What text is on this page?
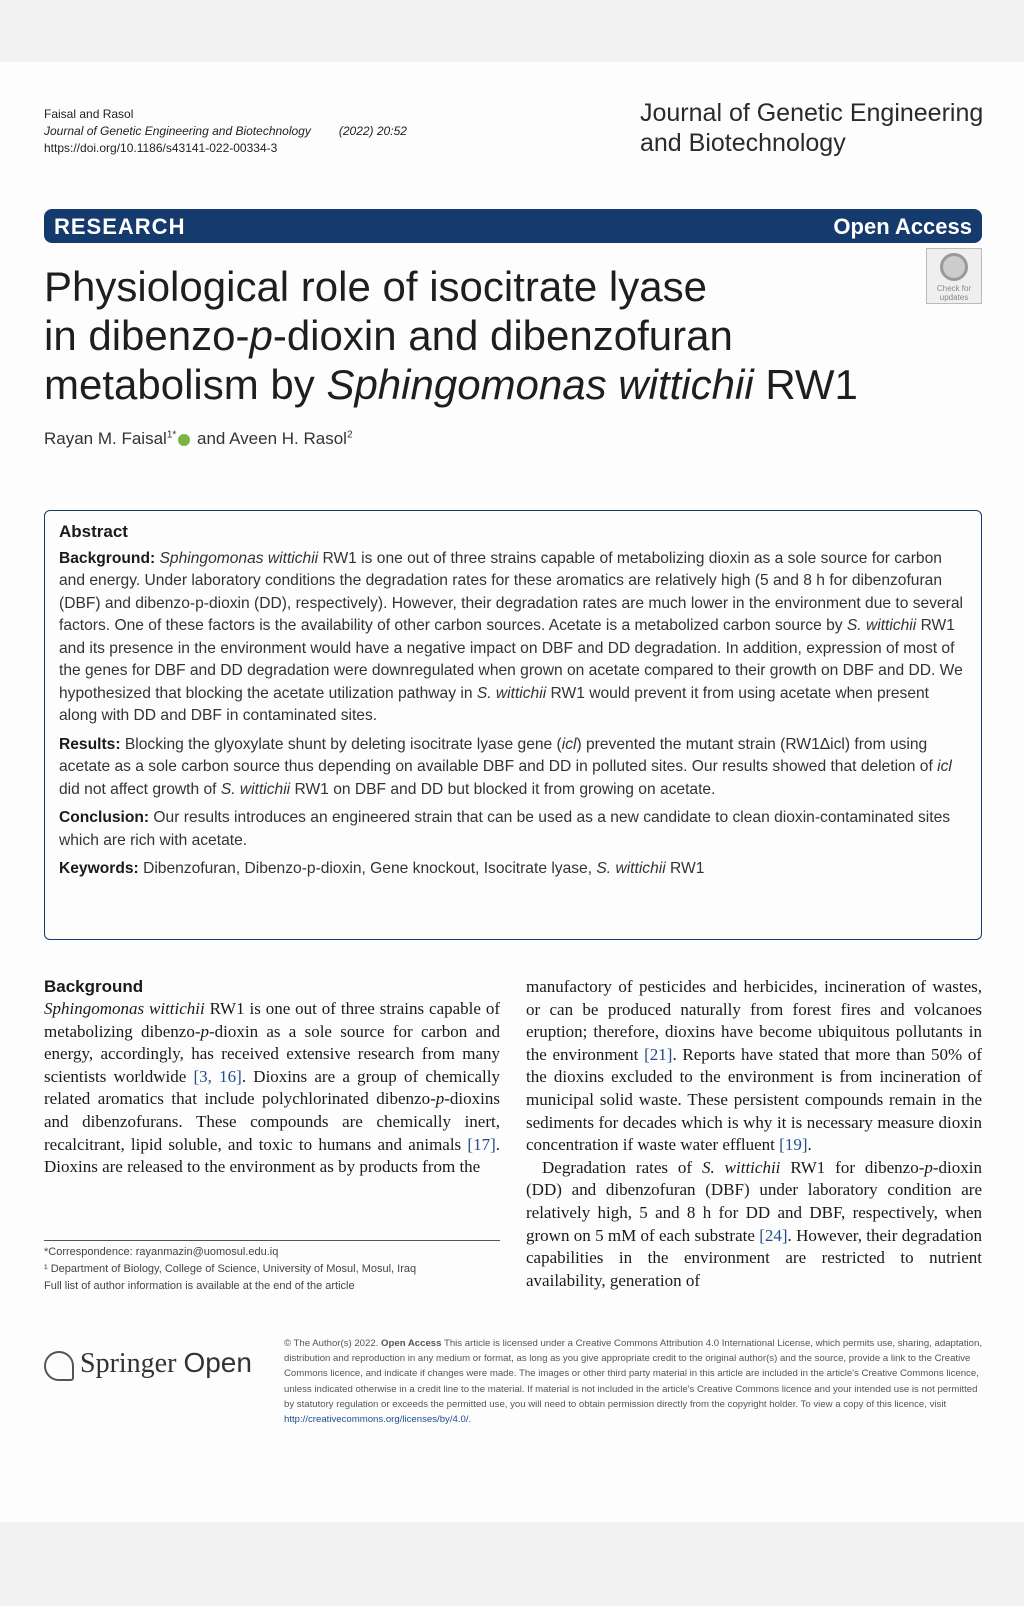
Faisal and Rasol
Journal of Genetic Engineering and Biotechnology (2022) 20:52
https://doi.org/10.1186/s43141-022-00334-3
Journal of Genetic Engineering
and Biotechnology
RESEARCH	Open Access
Check for
updates
Physiological role of isocitrate lyase
in dibenzo-p-dioxin and dibenzofuran
metabolism by Sphingomonas wittichii RW1
Rayan M. Faisal$^{1*}$ and Aveen H. Rasol$^2$
Abstract

Background: Sphingomonas wittichii RW1 is one out of three strains capable of metabolizing dioxin as a sole source for carbon and energy. Under laboratory conditions the degradation rates for these aromatics are relatively high (5 and 8 h for dibenzofuran (DBF) and dibenzo-p-dioxin (DD), respectively). However, their degradation rates are much lower in the environment due to several factors. One of these factors is the availability of other carbon sources. Acetate is a metabolized carbon source by S. wittichii RW1 and its presence in the environment would have a negative impact on DBF and DD degradation. In addition, expression of most of the genes for DBF and DD degradation were downregulated when grown on acetate compared to their growth on DBF and DD. We hypothesized that blocking the acetate utilization pathway in S. wittichii RW1 would prevent it from using acetate when present along with DD and DBF in contaminated sites.

Results: Blocking the glyoxylate shunt by deleting isocitrate lyase gene (icl) prevented the mutant strain (RW1Δicl) from using acetate as a sole carbon source thus depending on available DBF and DD in polluted sites. Our results showed that deletion of icl did not affect growth of S. wittichii RW1 on DBF and DD but blocked it from growing on acetate.

Conclusion: Our results introduces an engineered strain that can be used as a new candidate to clean dioxin-contaminated sites which are rich with acetate.

Keywords: Dibenzofuran, Dibenzo-p-dioxin, Gene knockout, Isocitrate lyase, S. wittichii RW1

Background

Sphingomonas wittichii RW1 is one out of three strains capable of metabolizing dibenzo-p-dioxin as a sole source for carbon and energy, accordingly, has received extensive research from many scientists worldwide [3, 16]. Dioxins are a group of chemically related aromatics that include polychlorinated dibenzo-p-dioxins and dibenzofurans. These compounds are chemically inert, recalcitrant, lipid soluble, and toxic to humans and animals [17]. Dioxins are released to the environment as by products from the

manufactory of pesticides and herbicides, incineration of wastes, or can be produced naturally from forest fires and volcanoes eruption; therefore, dioxins have become ubiquitous pollutants in the environment [21]. Reports have stated that more than 50% of the dioxins excluded to the environment is from incineration of municipal solid waste. These persistent compounds remain in the sediments for decades which is why it is necessary measure dioxin concentration if waste water effluent [19].

Degradation rates of S. wittichii RW1 for dibenzo-p-dioxin (DD) and dibenzofuran (DBF) under laboratory condition are relatively high, 5 and 8 h for DD and DBF, respectively, when grown on 5 mM of each substrate [24]. However, their degradation capabilities in the environment are restricted to nutrient availability, generation of

*Correspondence: rayanmazin@uomosul.edu.iq
¹ Department of Biology, College of Science, University of Mosul, Mosul, Iraq
Full list of author information is available at the end of the article
Springer Open
© The Author(s) 2022. Open Access This article is licensed under a Creative Commons Attribution 4.0 International License, which permits use, sharing, adaptation, distribution and reproduction in any medium or format, as long as you give appropriate credit to the original author(s) and the source, provide a link to the Creative Commons licence, and indicate if changes were made. The images or other third party material in this article are included in the article's Creative Commons licence, unless indicated otherwise in a credit line to the material. If material is not included in the article's Creative Commons licence and your intended use is not permitted by statutory regulation or exceeds the permitted use, you will need to obtain permission directly from the copyright holder. To view a copy of this licence, visit http://creativecommons.org/licenses/by/4.0/.
